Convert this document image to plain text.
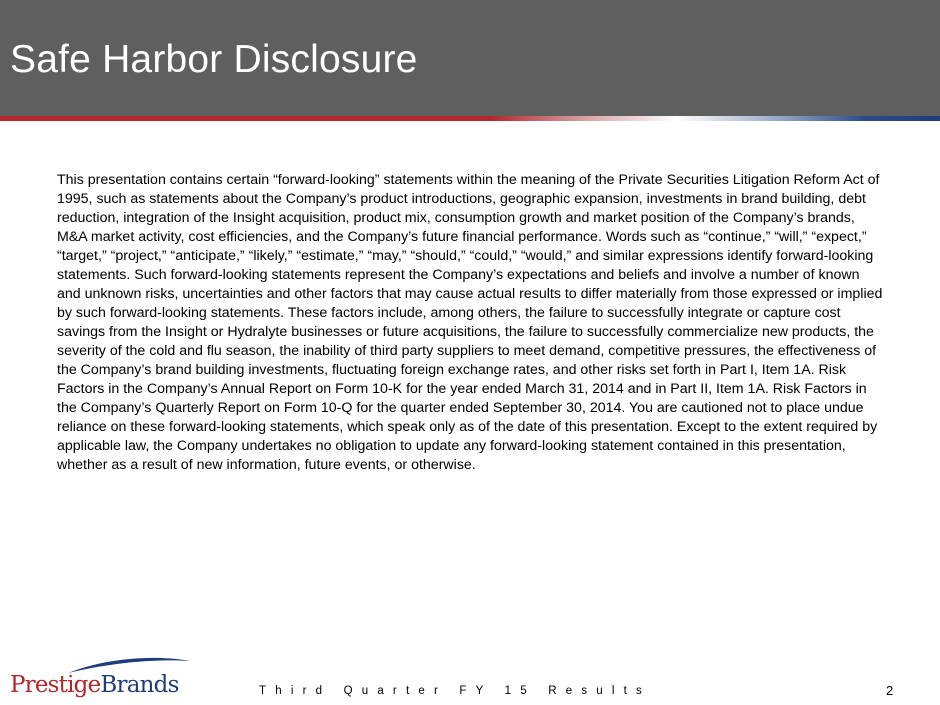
Safe Harbor Disclosure

This presentation contains certain “forward-looking” statements within the meaning of the Private Securities Litigation Reform Act of 1995, such as statements about the Company’s product introductions, geographic expansion, investments in brand building, debt reduction, integration of the Insight acquisition, product mix, consumption growth and market position of the Company’s brands, M&A market activity, cost efficiencies, and the Company’s future financial performance. Words such as “continue,” “will,” “expect,” “target,” “project,” “anticipate,” “likely,” “estimate,” “may,” “should,” “could,” “would,” and similar expressions identify forward-looking statements. Such forward-looking statements represent the Company’s expectations and beliefs and involve a number of known and unknown risks, uncertainties and other factors that may cause actual results to differ materially from those expressed or implied by such forward-looking statements. These factors include, among others, the failure to successfully integrate or capture cost savings from the Insight or Hydralyte businesses or future acquisitions, the failure to successfully commercialize new products, the severity of the cold and flu season, the inability of third party suppliers to meet demand, competitive pressures, the effectiveness of the Company’s brand building investments, fluctuating foreign exchange rates, and other risks set forth in Part I, Item 1A. Risk Factors in the Company’s Annual Report on Form 10-K for the year ended March 31, 2014 and in Part II, Item 1A. Risk Factors in the Company’s Quarterly Report on Form 10-Q for the quarter ended September 30, 2014. You are cautioned not to place undue reliance on these forward-looking statements, which speak only as of the date of this presentation. Except to the extent required by applicable law, the Company undertakes no obligation to update any forward-looking statement contained in this presentation, whether as a result of new information, future events, or otherwise.

PrestigeBrands	Third Quarter FY 15 Results	2
